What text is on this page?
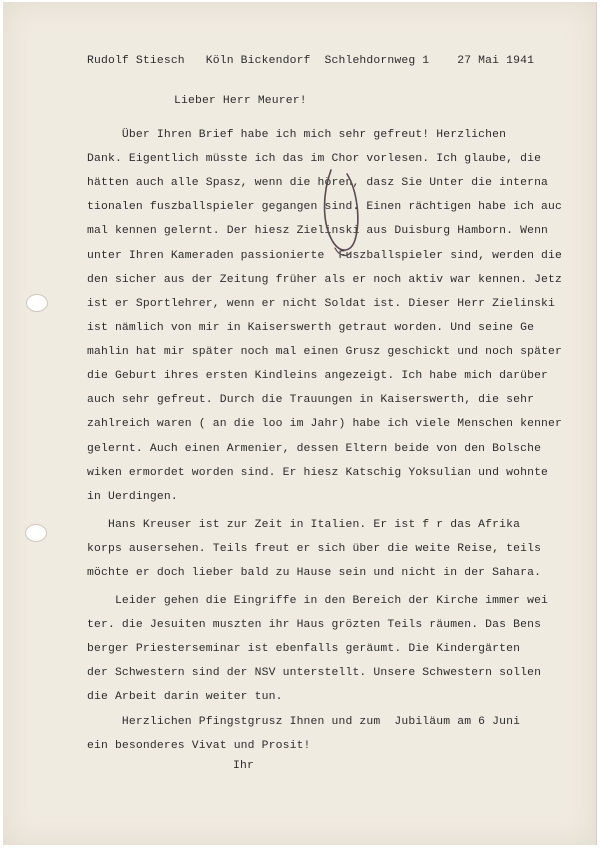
Rudolf Stiesch   Köln Bickendorf  Schlehdornweg 1    27 Mai 1941
Lieber Herr Meurer!
Über Ihren Brief habe ich mich sehr gefreut! Herzlichen
Dank. Eigentlich müsste ich das im Chor vorlesen. Ich glaube, die
hätten auch alle Spasz, wenn die hören, dasz Sie Unter die interna
tionalen fuszballspieler gegangen sind. Einen rächtigen habe ich auc
mal kennen gelernt. Der hiesz Zielinski aus Duisburg Hamborn. Wenn
unter Ihren Kameraden passionierte  Fuszballspieler sind, werden die
den sicher aus der Zeitung früher als er noch aktiv war kennen. Jetz
ist er Sportlehrer, wenn er nicht Soldat ist. Dieser Herr Zielinski
ist nämlich von mir in Kaiserswerth getraut worden. Und seine Ge
mahlin hat mir später noch mal einen Grusz geschickt und noch später
die Geburt ihres ersten Kindleins angezeigt. Ich habe mich darüber
auch sehr gefreut. Durch die Trauungen in Kaiserswerth, die sehr
zahlreich waren ( an die loo im Jahr) habe ich viele Menschen kenner
gelernt. Auch einen Armenier, dessen Eltern beide von den Bolsche
wiken ermordet worden sind. Er hiesz Katschig Yoksulian und wohnte
in Uerdingen.
Hans Kreuser ist zur Zeit in Italien. Er ist f r das Afrika
korps ausersehen. Teils freut er sich über die weite Reise, teils
möchte er doch lieber bald zu Hause sein und nicht in der Sahara.
Leider gehen die Eingriffe in den Bereich der Kirche immer wei
ter. die Jesuiten muszten ihr Haus grözten Teils räumen. Das Bens
berger Priesterseminar ist ebenfalls geräumt. Die Kindergärten
der Schwestern sind der NSV unterstellt. Unsere Schwestern sollen
die Arbeit darin weiter tun.
Herzlichen Pfingstgrusz Ihnen und zum  Jubiläum am 6 Juni
ein besonderes Vivat und Prosit!
Ihr
